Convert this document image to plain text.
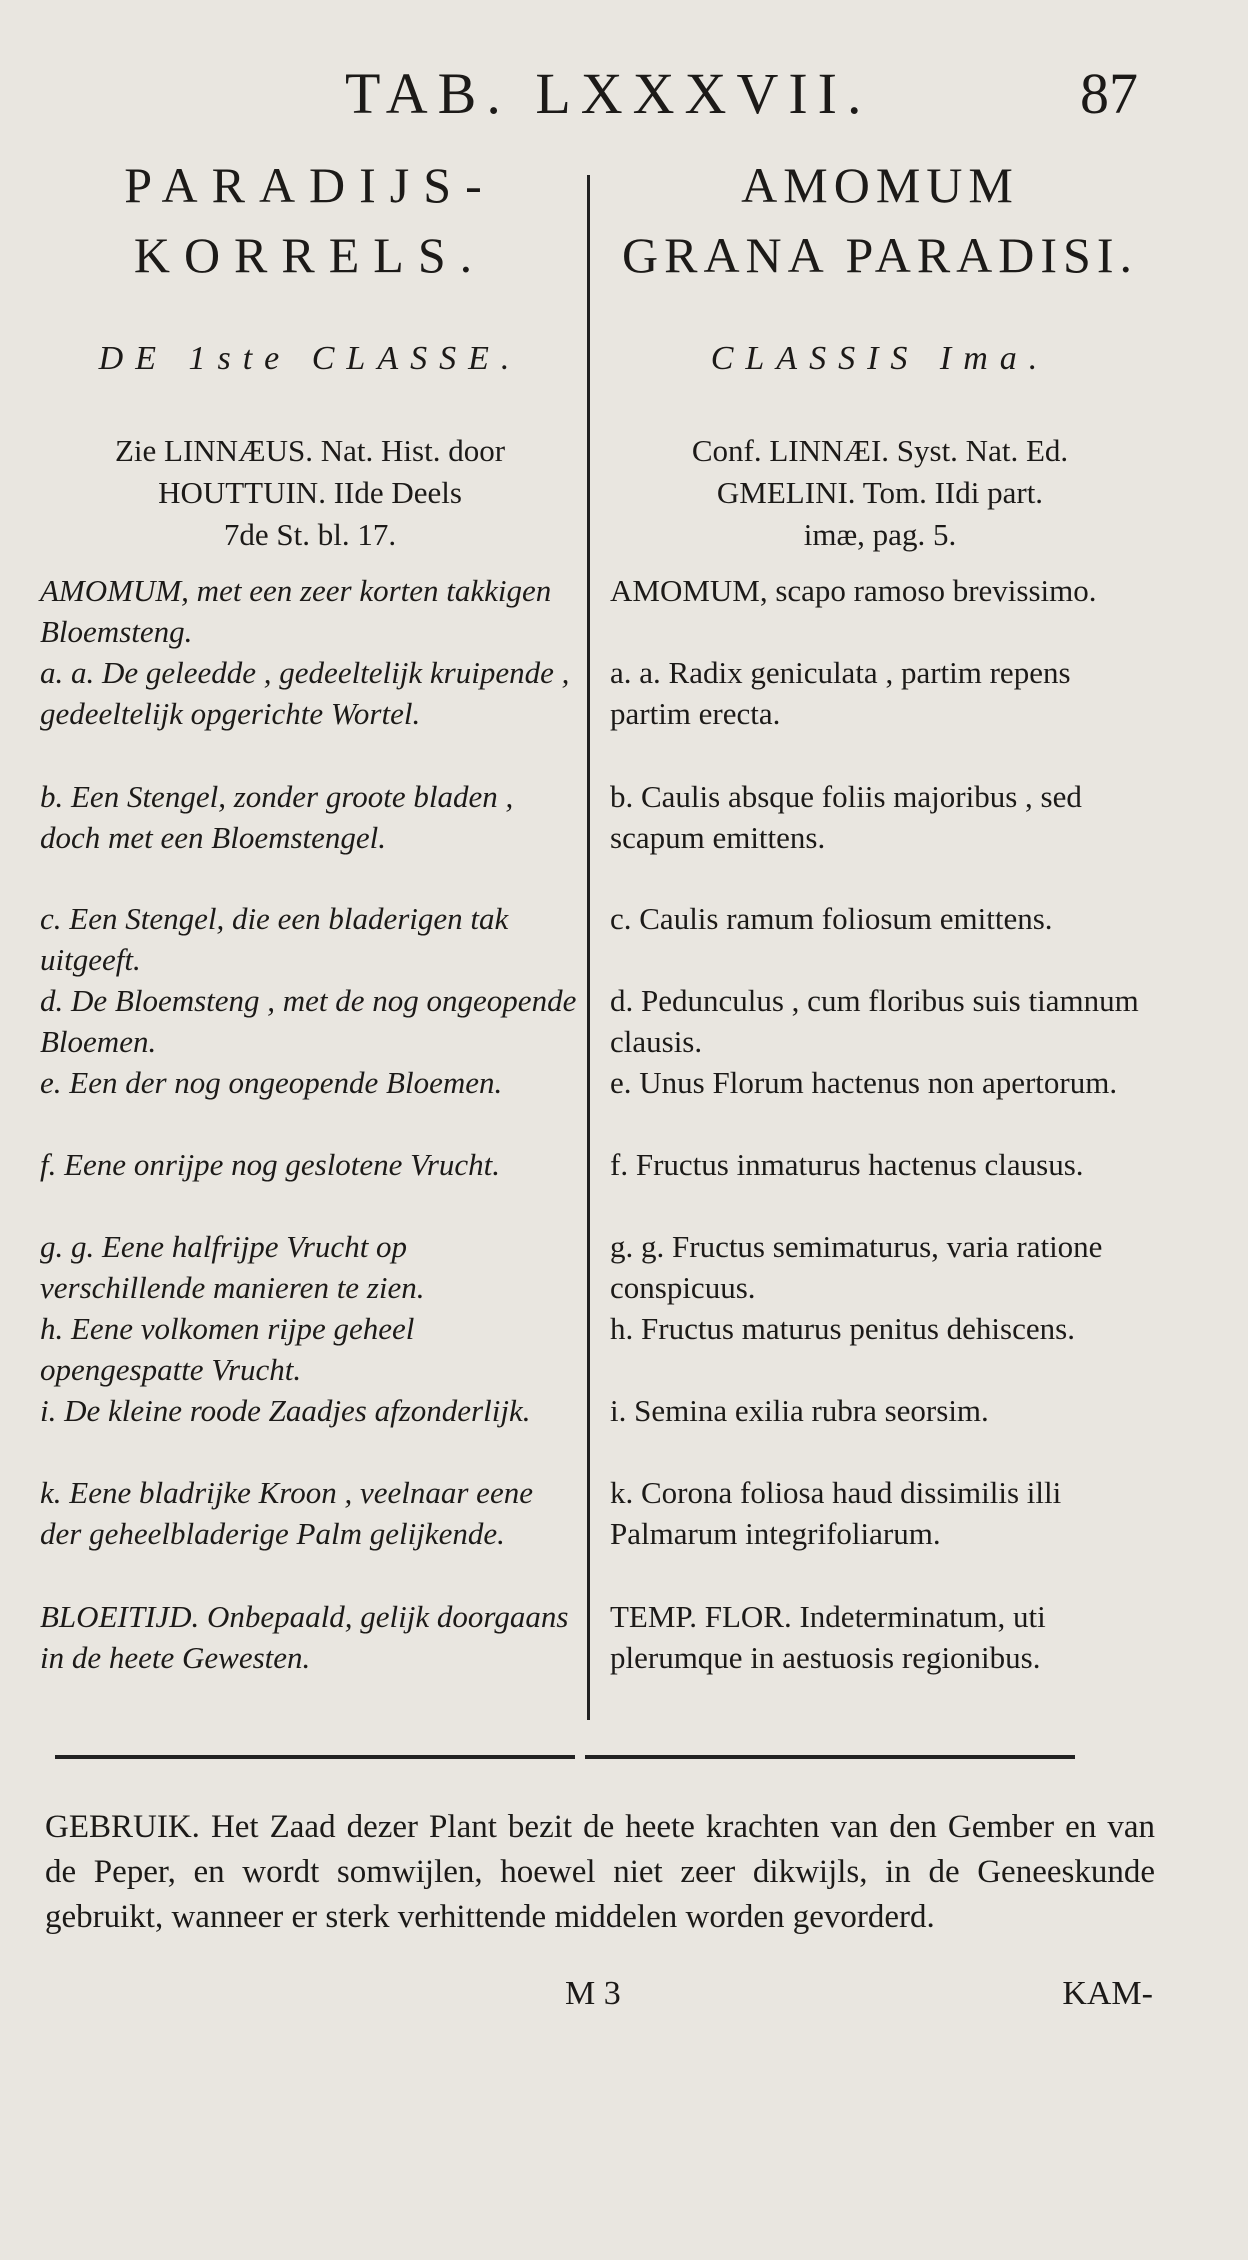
TAB. LXXXVII.	87
PARADIJS-
KORRELS.
DE 1ste CLASSE.
Zie LINNÆUS. Nat. Hist. door
HOUTTUIN. IIde Deels
7de St. bl. 17.
AMOMUM, met een zeer korten takkigen Bloemsteng.
a. a. De geleedde , gedeeltelijk kruipende , gedeeltelijk opgerichte Wortel.
b. Een Stengel, zonder groote bladen , doch met een Bloemstengel.
c. Een Stengel, die een bladerigen tak uitgeeft.
d. De Bloemsteng , met de nog ongeopende Bloemen.
e. Een der nog ongeopende Bloemen.
f. Eene onrijpe nog geslotene Vrucht.
g. g. Eene halfrijpe Vrucht op verschillende manieren te zien.
h. Eene volkomen rijpe geheel opengespatte Vrucht.
i. De kleine roode Zaadjes afzonderlijk.
k. Eene bladrijke Kroon , veelnaar eene der geheelbladerige Palm gelijkende.
BLOEITIJD. Onbepaald, gelijk doorgaans in de heete Gewesten.
AMOMUM
GRANA PARADISI.
CLASSIS Ima.
Conf. LINNÆI. Syst. Nat. Ed.
GMELINI. Tom. IIdi part.
imæ, pag. 5.
AMOMUM, scapo ramoso brevissimo.
a. a. Radix geniculata , partim repens partim erecta.
b. Caulis absque foliis majoribus , sed scapum emittens.
c. Caulis ramum foliosum emittens.
d. Pedunculus , cum floribus suis tiamnum clausis.
e. Unus Florum hactenus non apertorum.
f. Fructus inmaturus hactenus clausus.
g. g. Fructus semimaturus, varia ratione conspicuus.
h. Fructus maturus penitus dehiscens.
i. Semina exilia rubra seorsim.
k. Corona foliosa haud dissimilis illi Palmarum integrifoliarum.
TEMP. FLOR. Indeterminatum, uti plerumque in aestuosis regionibus.
GEBRUIK. Het Zaad dezer Plant bezit de heete krachten van den Gember en van de Peper, en wordt somwijlen, hoewel niet zeer dikwijls, in de Geneeskunde gebruikt, wanneer er sterk verhittende middelen worden gevorderd.
M 3	KAM-
